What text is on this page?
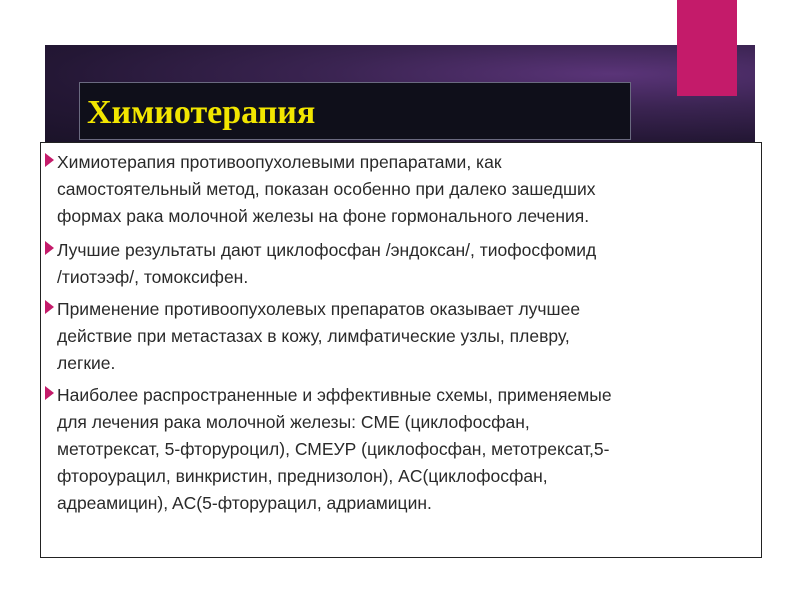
Химиотерапия
Химиотерапия противоопухолевыми препаратами, как
самостоятельный метод, показан особенно при далеко зашедших
формах рака молочной железы на фоне гормонального лечения.
Лучшие результаты дают циклофосфан /эндоксан/, тиофосфомид
/тиотээф/, томоксифен.
Применение противоопухолевых препаратов оказывает лучшее
действие при метастазах в кожу, лимфатические узлы, плевру,
легкие.
Наиболее распространенные и эффективные схемы, применяемые
для лечения рака молочной железы: CME (циклофосфан,
метотрексат, 5-фторуроцил), СМЕУР (циклофосфан, метотрексат,5-
фтороурацил, винкристин, преднизолон), AC(циклофосфан,
адреамицин), AC(5-фторурацил, адриамицин.
